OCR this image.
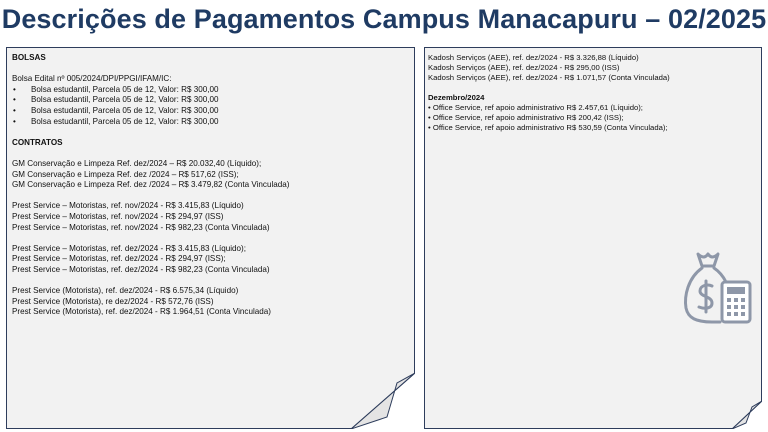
Descrições de Pagamentos Campus Manacapuru – 02/2025
BOLSAS
Bolsa Edital nº 005/2024/DPI/PPGI/IFAM/IC:
• Bolsa estudantil, Parcela 05 de 12, Valor: R$ 300,00
• Bolsa estudantil, Parcela 05 de 12, Valor: R$ 300,00
• Bolsa estudantil, Parcela 05 de 12, Valor: R$ 300,00
• Bolsa estudantil, Parcela 05 de 12, Valor: R$ 300,00
CONTRATOS
GM Conservação e Limpeza Ref. dez/2024 – R$ 20.032,40 (Líquido);
GM Conservação e Limpeza Ref. dez /2024 – R$ 517,62 (ISS);
GM Conservação e Limpeza Ref. dez /2024 – R$ 3.479,82 (Conta Vinculada)
Prest Service – Motoristas, ref. nov/2024 - R$ 3.415,83 (Líquido)
Prest Service – Motoristas, ref. nov/2024 - R$ 294,97 (ISS)
Prest Service – Motoristas, ref. nov/2024 - R$ 982,23 (Conta Vinculada)
Prest Service – Motoristas, ref. dez/2024 - R$ 3.415,83 (Líquido);
Prest Service – Motoristas, ref. dez/2024 - R$ 294,97 (ISS);
Prest Service – Motoristas, ref. dez/2024 - R$ 982,23 (Conta Vinculada)
Prest Service (Motorista), ref. dez/2024 - R$ 6.575,34 (Líquido)
Prest Service (Motorista), re dez/2024 - R$ 572,76 (ISS)
Prest Service (Motorista), ref. dez/2024 - R$ 1.964,51 (Conta Vinculada)
Kadosh Serviços (AEE), ref. dez/2024 - R$ 3.326,88 (Líquido)
Kadosh Serviços (AEE), ref. dez/2024 - R$ 295,00 (ISS)
Kadosh Serviços (AEE), ref. dez/2024 - R$ 1.071,57 (Conta Vinculada)
Dezembro/2024
• Office Service, ref apoio administrativo R$ 2.457,61 (Líquido);
• Office Service, ref apoio administrativo R$ 200,42 (ISS);
• Office Service, ref apoio administrativo R$ 530,59 (Conta Vinculada);
